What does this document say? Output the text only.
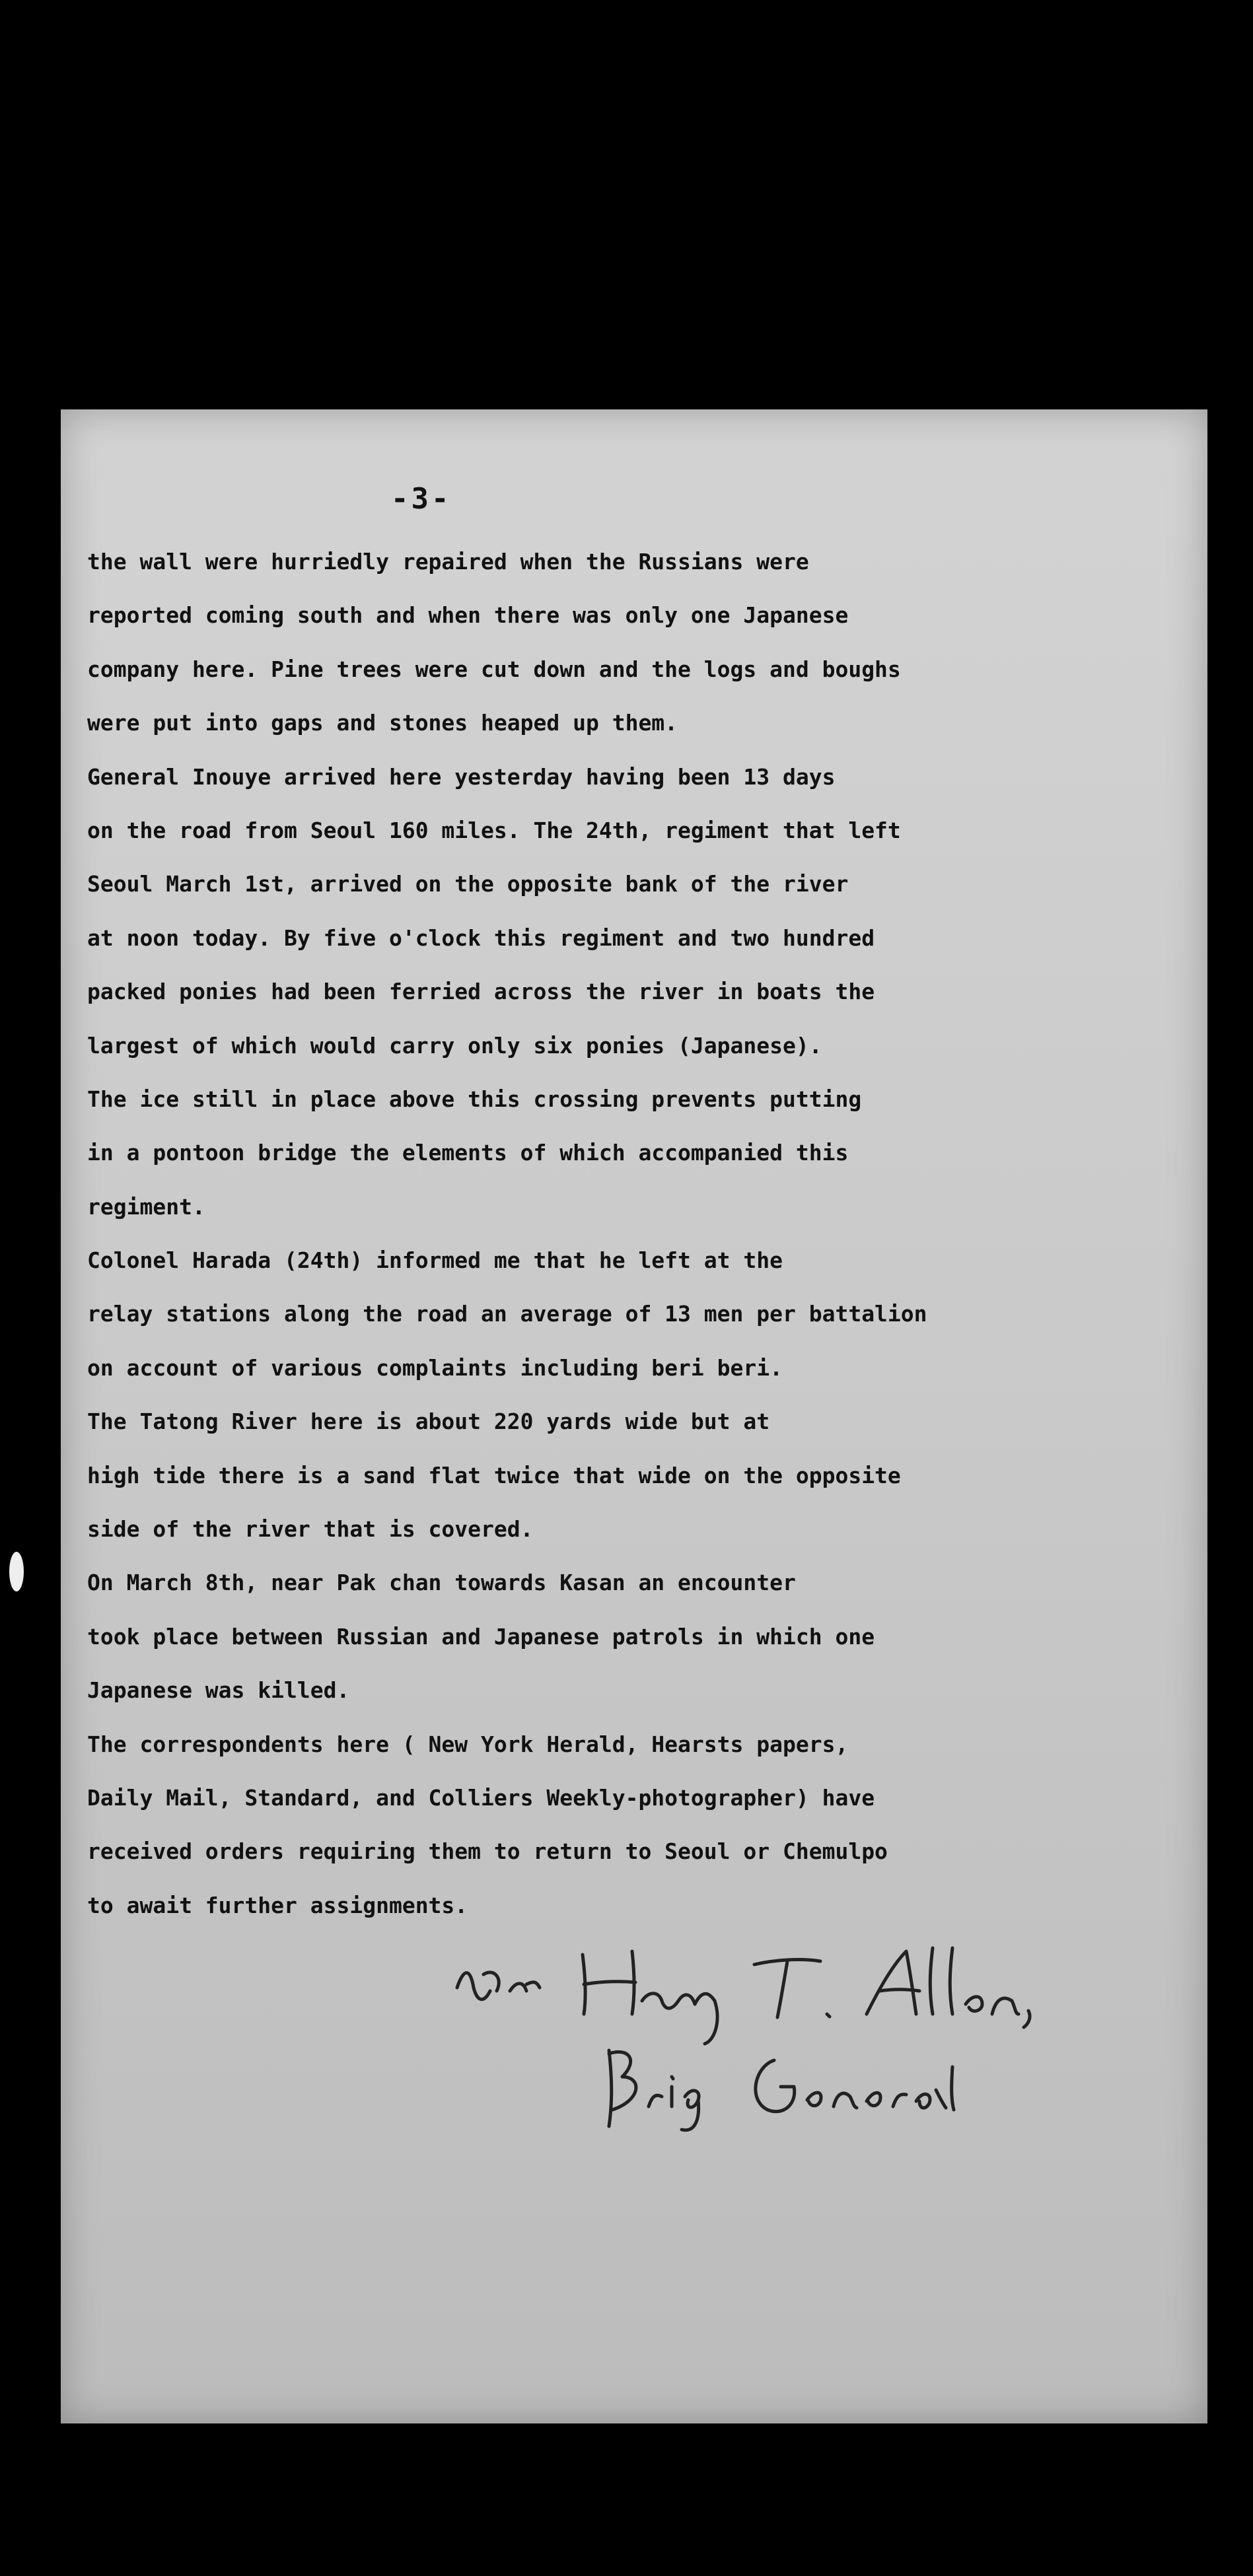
-3-
the wall were hurriedly repaired when the Russians were
reported coming south and when there was only one Japanese
company here. Pine trees were cut down and the logs and boughs
were put into gaps and stones heaped up them.
General Inouye arrived here yesterday having been 13 days
on the road from Seoul 160 miles. The 24th, regiment that left
Seoul March 1st, arrived on the opposite bank of the river
at noon today. By five o'clock this regiment and two hundred
packed ponies had been ferried across the river in boats the
largest of which would carry only six ponies (Japanese).
The ice still in place above this crossing prevents putting
in a pontoon bridge the elements of which accompanied this
regiment.
Colonel Harada (24th) informed me that he left at the
relay stations along the road an average of 13 men per battalion
on account of various complaints including beri beri.
The Tatong River here is about 220 yards wide but at
high tide there is a sand flat twice that wide on the opposite
side of the river that is covered.
On March 8th, near Pak chan towards Kasan an encounter
took place between Russian and Japanese patrols in which one
Japanese was killed.
The correspondents here ( New York Herald, Hearsts papers,
Daily Mail, Standard, and Colliers Weekly-photographer) have
received orders requiring them to return to Seoul or Chemulpo
to await further assignments.
